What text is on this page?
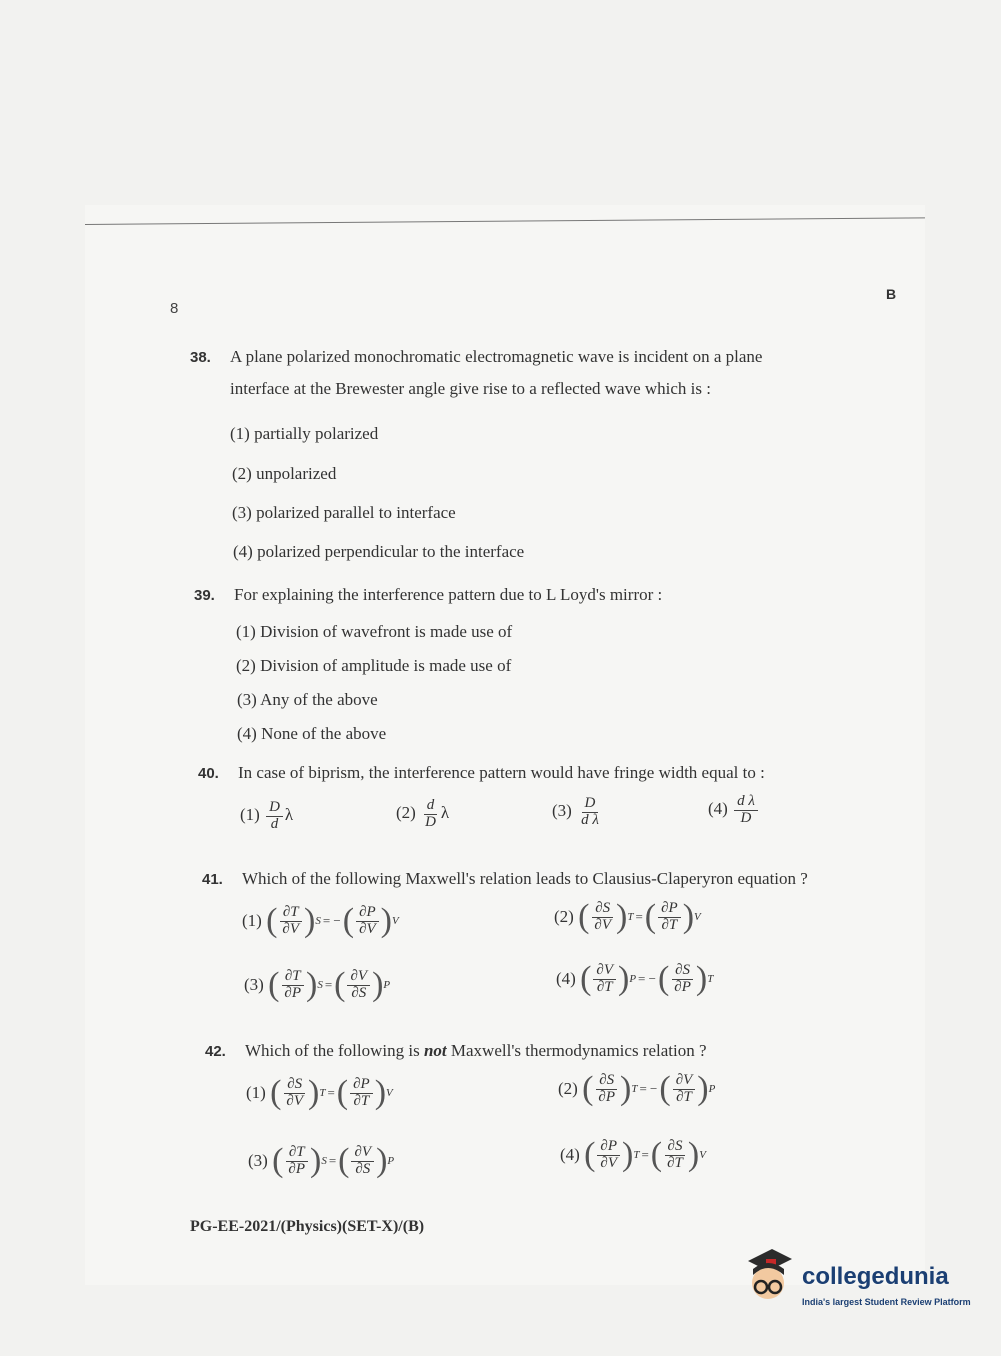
8
B
38. A plane polarized monochromatic electromagnetic wave is incident on a plane
interface at the Brewester angle give rise to a reflected wave which is :
(1) partially polarized
(2) unpolarized
(3) polarized parallel to interface
(4) polarized perpendicular to the interface
39. For explaining the interference pattern due to L Loyd's mirror :
(1) Division of wavefront is made use of
(2) Division of amplitude is made use of
(3) Any of the above
(4) None of the above
40. In case of biprism, the interference pattern would have fringe width equal to :
$(1) \frac{D}{d}$ λ	$(2) \frac{d}{D}$ λ	$(3) \frac{D}{\text{d λ}}$	$(4) \frac{\text{d λ}}{D}$
41. Which of the following Maxwell's relation leads to Clausius-Claperyron equation ?
(1)
( $\frac{\partial T}{\partial V}$ ) S = − ( $\frac{\partial P}{\partial V}$ ) V	(2)
( $\frac{\partial S}{\partial V}$ ) T = ( $\frac{\partial P}{\partial T}$ ) V
(3)
( $\frac{\partial T}{\partial P}$ ) S = ( $\frac{\partial V}{\partial S}$ ) P	(4)
( $\frac{\partial V}{\partial T}$ ) P = − ( $\frac{\partial S}{\partial P}$ ) T
42. Which of the following is not Maxwell's thermodynamics relation ?
(1)
( $\frac{\partial S}{\partial V}$ ) T = ( $\frac{\partial P}{\partial T}$ ) V	(2)
( $\frac{\partial S}{\partial P}$ ) T = − ( $\frac{\partial V}{\partial T}$ ) P
(3)
( $\frac{\partial T}{\partial P}$ ) S = ( $\frac{\partial V}{\partial S}$ ) P	(4)
( $\frac{\partial P}{\partial V}$ ) T = ( $\frac{\partial S}{\partial T}$ ) V
PG-EE-2021/(Physics)(SET-X)/(B)
collegedunia
India's largest Student Review Platform
